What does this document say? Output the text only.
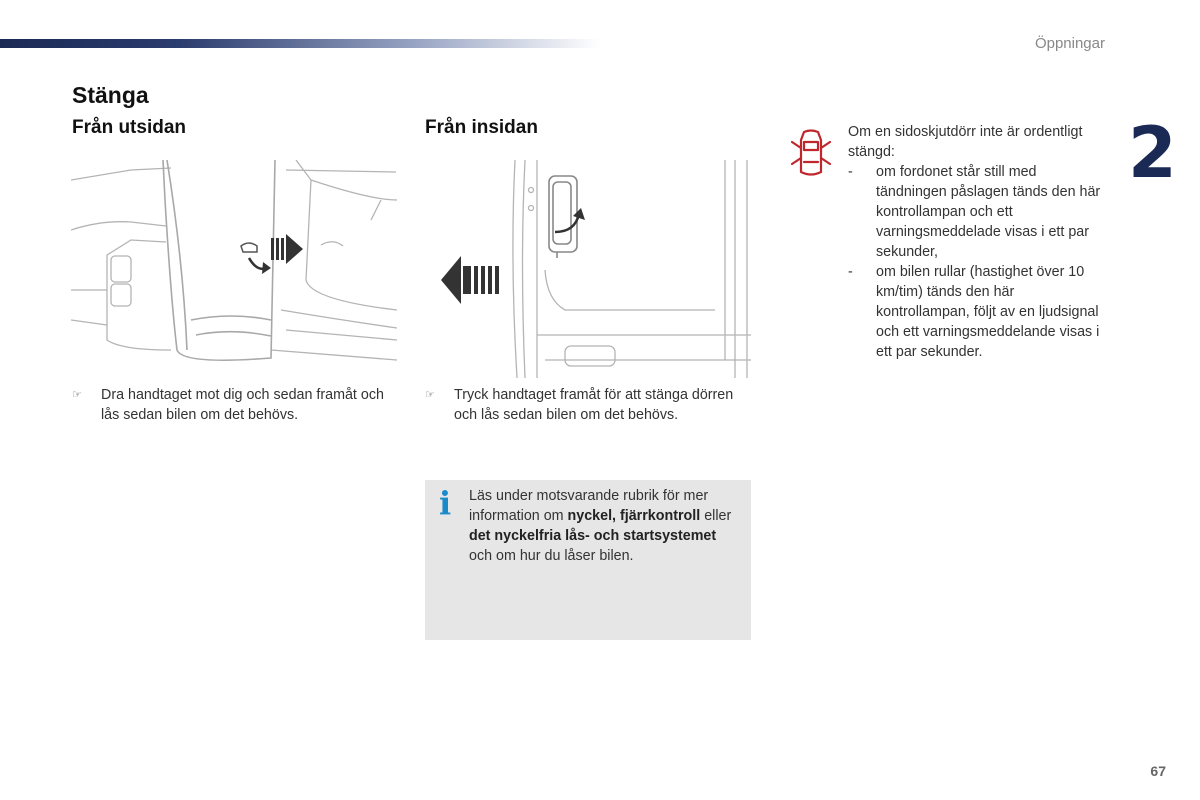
Öppningar
2
Stänga
Från utsidan
☞ Dra handtaget mot dig och sedan framåt och lås sedan bilen om det behövs.
Från insidan
☞ Tryck handtaget framåt för att stänga dörren och lås sedan bilen om det behövs.
i Läs under motsvarande rubrik för mer information om nyckel, fjärrkontroll eller det nyckelfria lås- och startsystemet och om hur du låser bilen.
Om en sidoskjutdörr inte är ordentligt stängd:
- om fordonet står still med tändningen påslagen tänds den här kontrollampan och ett varningsmeddelade visas i ett par sekunder,
- om bilen rullar (hastighet över 10 km/tim) tänds den här kontrollampan, följt av en ljudsignal och ett varningsmeddelande visas i ett par sekunder.
67
